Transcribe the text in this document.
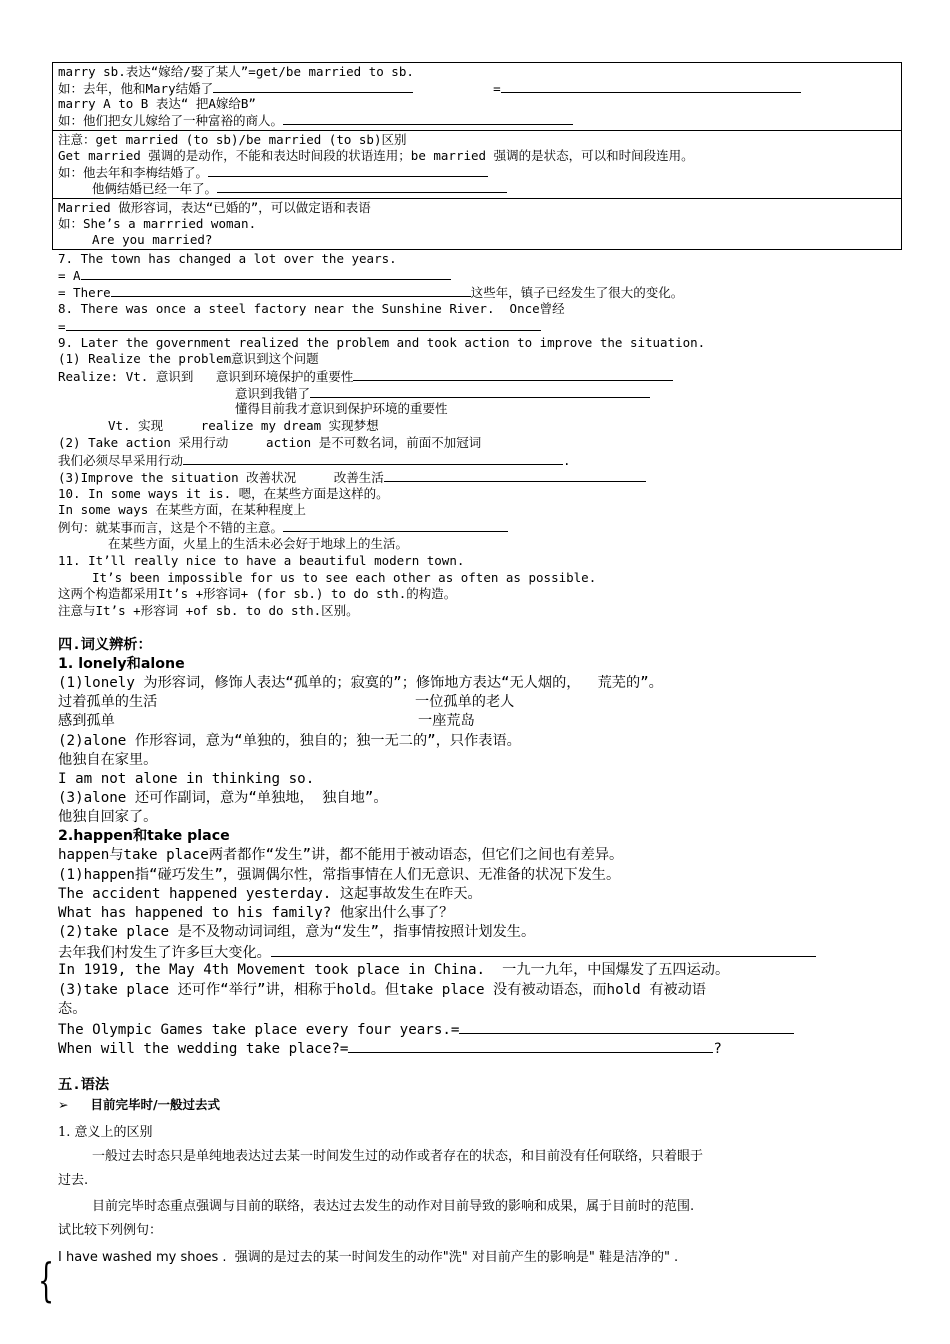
marry sb.表达“嫁给/娶了某人”=get/be married to sb.
如：去年，他和Mary结婚了	=
marry A to B 表达“ 把A嫁给B”
如：他们把女儿嫁给了一种富裕的商人。
注意：get married (to sb)/be married (to sb)区别
Get married 强调的是动作，不能和表达时间段的状语连用；be married 强调的是状态，可以和时间段连用。
如：他去年和李梅结婚了。
他俩结婚已经一年了。
Married 做形容词，表达“已婚的”，可以做定语和表语
如：She’s a marrried woman.
Are you married?
7. The town has changed a lot over the years.
= A
= There	这些年，镇子已经发生了很大的变化。
8. There was once a steel factory near the Sunshine River.  Once曾经
=
9. Later the government realized the problem and took action to improve the situation.
(1) Realize the problem意识到这个问题
Realize: Vt. 意识到   意识到环境保护的重要性
意识到我错了
懂得目前我才意识到保护环境的重要性
Vt. 实现     realize my dream 实现梦想
(2) Take action 采用行动     action 是不可数名词，前面不加冠词
我们必须尽早采用行动	.
(3)Improve the situation 改善状况     改善生活
10. In some ways it is. 嗯，在某些方面是这样的。
In some ways 在某些方面，在某种程度上
例句：就某事而言，这是个不错的主意。
在某些方面，火星上的生活未必会好于地球上的生活。
11. It’ll really nice to have a beautiful modern town.
It’s been impossible for us to see each other as often as possible.
这两个构造都采用It’s +形容词+ (for sb.) to do sth.的构造。
注意与It’s +形容词 +of sb. to do sth.区别。
四.词义辨析：
1. lonely和alone
(1)lonely 为形容词，修饰人表达“孤单的；寂寞的”；修饰地方表达“无人烟的，  荒芜的”。
过着孤单的生活	一位孤单的老人
感到孤单	一座荒岛
(2)alone 作形容词，意为“单独的，独自的；独一无二的”，只作表语。
他独自在家里。
I am not alone in thinking so.
(3)alone 还可作副词，意为“单独地， 独自地”。
他独自回家了。
2.happen和take place
happen与take place两者都作“发生”讲，都不能用于被动语态，但它们之间也有差异。
(1)happen指“碰巧发生”，强调偶尔性，常指事情在人们无意识、无准备的状况下发生。
The accident happened yesterday. 这起事故发生在昨天。
What has happened to his family? 他家出什么事了？
(2)take place 是不及物动词词组，意为“发生”，指事情按照计划发生。
去年我们村发生了许多巨大变化。
In 1919, the May 4th Movement took place in China.  一九一九年，中国爆发了五四运动。
(3)take place 还可作“举行”讲，相称于hold。但take place 没有被动语态，而hold 有被动语
态。
The Olympic Games take place every four years.=
When will the wedding take place?=	?
五.语法
➢ 目前完毕时/一般过去式
1. 意义上的区别
一般过去时态只是单纯地表达过去某一时间发生过的动作或者存在的状态，和目前没有任何联络，只着眼于
过去.
目前完毕时态重点强调与目前的联络，表达过去发生的动作对目前导致的影响和成果，属于目前时的范围.
试比较下列例句：
I have washed my shoes .  强调的是过去的某一时间发生的动作"洗" 对目前产生的影响是" 鞋是洁净的" .
{
